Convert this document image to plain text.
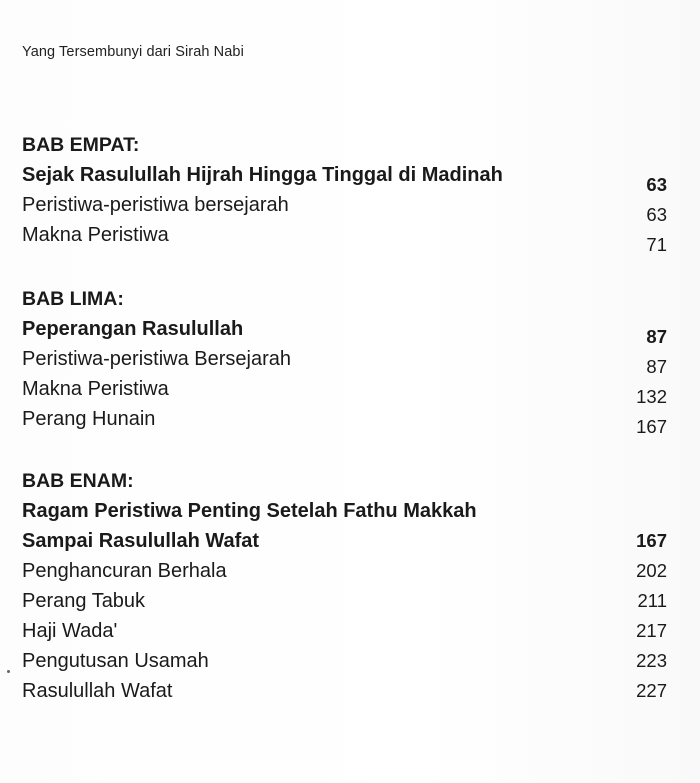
Yang Tersembunyi dari Sirah Nabi
BAB EMPAT:
Sejak Rasulullah Hijrah Hingga Tinggal di Madinah	63
Peristiwa-peristiwa bersejarah	63
Makna Peristiwa	71
BAB LIMA:
Peperangan Rasulullah	87
Peristiwa-peristiwa Bersejarah	87
Makna Peristiwa	132
Perang Hunain	167
BAB ENAM:
Ragam Peristiwa Penting Setelah Fathu Makkah
Sampai Rasulullah Wafat	167
Penghancuran Berhala	202
Perang Tabuk	211
Haji Wada'	217
Pengutusan Usamah	223
Rasulullah Wafat	227
